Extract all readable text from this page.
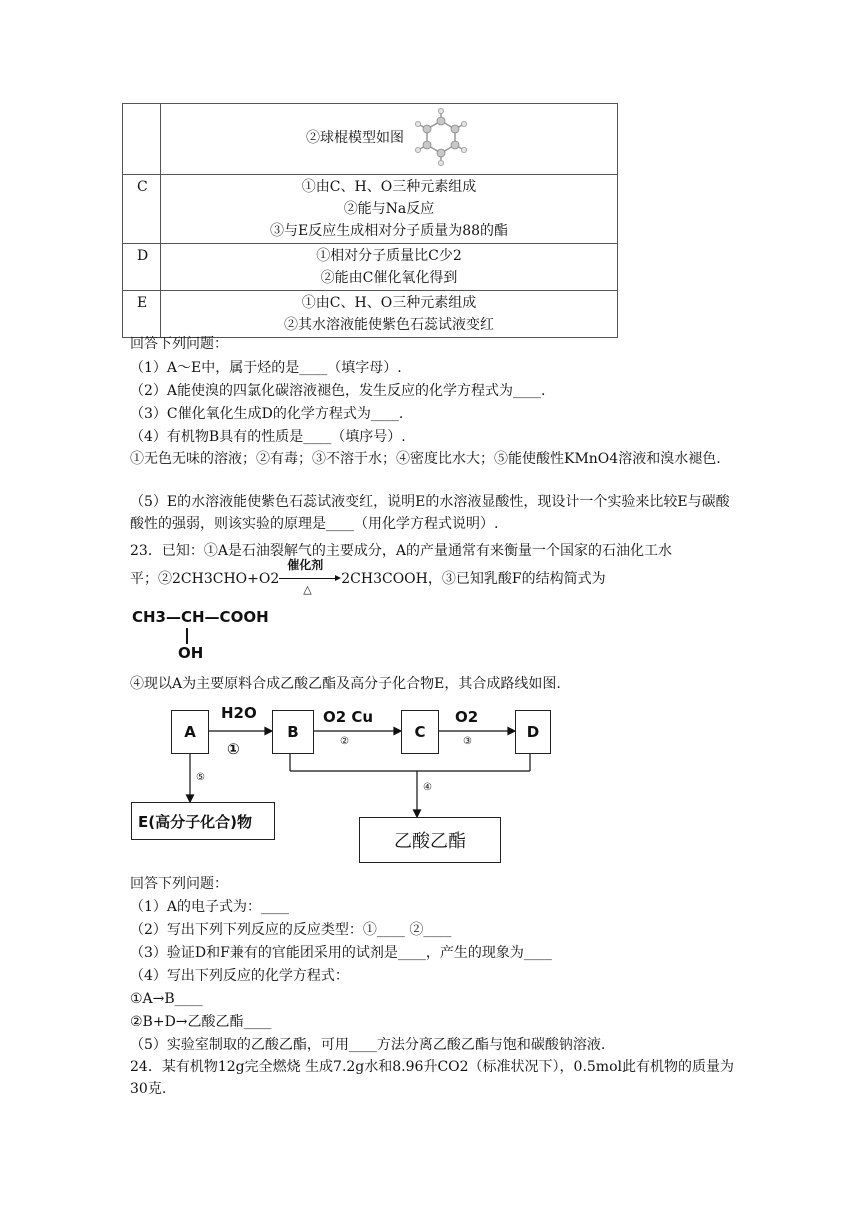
	②球棍模型如图

C	①由C、H、O三种元素组成
②能与Na反应
③与E反应生成相对分子质量为88的酯

D	①相对分子质量比C少2
②能由C催化氧化得到

E	①由C、H、O三种元素组成
②其水溶液能使紫色石蕊试液变红
回答下列问题：
（1）A～E中，属于烃的是____（填字母）.
（2）A能使溴的四氯化碳溶液褪色，发生反应的化学方程式为____.
（3）C催化氧化生成D的化学方程式为____.
（4）有机物B具有的性质是____（填序号）.
①无色无味的溶液；②有毒；③不溶于水；④密度比水大；⑤能使酸性KMnO4溶液和溴水褪色.
（5）E的水溶液能使紫色石蕊试液变红，说明E的水溶液显酸性，现设计一个实验来比较E与碳酸酸性的强弱，则该实验的原理是____（用化学方程式说明）.
23．已知：①A是石油裂解气的主要成分，A的产量通常有来衡量一个国家的石油化工水
平；②2CH3CHO+O2
催化剂
△
2CH3COOH，③已知乳酸F的结构简式为
CH3—CH—COOH
OH
④现以A为主要原料合成乙酸乙酯及高分子化合物E，其合成路线如图.
A	B	C	D
E(高分子化合)物
乙酸乙酯
H2O
①
O2 Cu
②
O2
③
④
⑤
回答下列问题：
（1）A的电子式为：____
（2）写出下列下列反应的反应类型：①____ ②____
（3）验证D和F兼有的官能团采用的试剂是____，产生的现象为____
（4）写出下列反应的化学方程式：
①A→B____
②B+D→乙酸乙酯____
（5）实验室制取的乙酸乙酯，可用____方法分离乙酸乙酯与饱和碳酸钠溶液.
24．某有机物12g完全燃烧 生成7.2g水和8.96升CO2（标准状况下），0.5mol此有机物的质量为30克.
